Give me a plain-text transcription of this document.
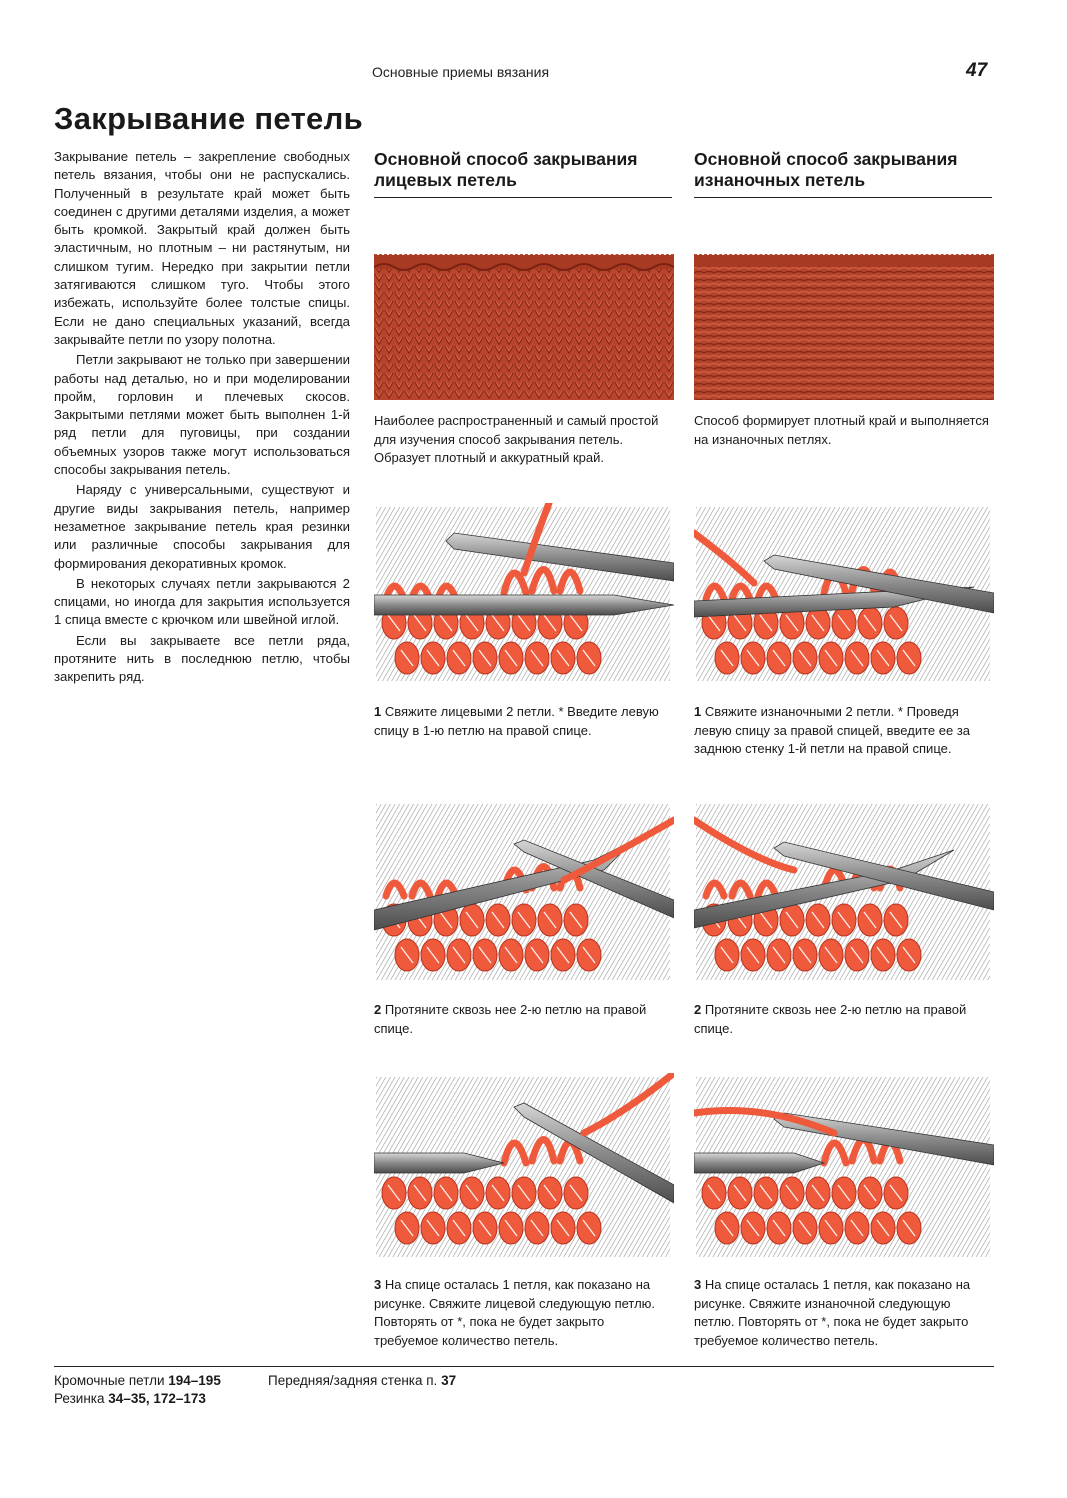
Основные приемы вязания	47
Закрывание петель

Закрывание петель – закрепление свободных петель вязания, чтобы они не распускались. Полученный в результате край может быть соединен с другими деталями изделия, а может быть кромкой. Закрытый край должен быть эластичным, но плотным – ни растянутым, ни слишком тугим. Нередко при закрытии петли затягиваются слишком туго. Чтобы этого избежать, используйте более толстые спицы. Если не дано специальных указаний, всегда закрывайте петли по узору полотна.

Петли закрывают не только при завершении работы над деталью, но и при моделировании пройм, горловин и плечевых скосов. Закрытыми петлями может быть выполнен 1-й ряд петли для пуговицы, при создании объемных узоров также могут использоваться способы закрывания петель.

Наряду с универсальными, существуют и другие виды закрывания петель, например незаметное закрывание петель края резинки или различные способы закрывания для формирования декоративных кромок.

В некоторых случаях петли закрываются 2 спицами, но иногда для закрытия используется 1 спица вместе с крючком или швейной иглой.

Если вы закрываете все петли ряда, протяните нить в последнюю петлю, чтобы закрепить ряд.

Основной способ закрывания лицевых петель
Основной способ закрывания изнаночных петель
Наиболее распространенный и самый простой для изучения способ закрывания петель. Образует плотный и аккуратный край.
Способ формирует плотный край и выполняется на изнаночных петлях.
1 Свяжите лицевыми 2 петли. * Введите левую спицу в 1-ю петлю на правой спице.
1 Свяжите изнаночными 2 петли. * Проведя левую спицу за правой спицей, введите ее за заднюю стенку 1-й петли на правой спице.
2 Протяните сквозь нее 2-ю петлю на правой спице.
2 Протяните сквозь нее 2-ю петлю на правой спице.
3 На спице осталась 1 петля, как показано на рисунке. Свяжите лицевой следующую петлю. Повторять от *, пока не будет закрыто требуемое количество петель.
3 На спице осталась 1 петля, как показано на рисунке. Свяжите изнаночной следующую петлю. Повторять от *, пока не будет закрыто требуемое количество петель.
Кромочные петли 194–195
Резинка 34–35, 172–173
Передняя/задняя стенка п. 37
